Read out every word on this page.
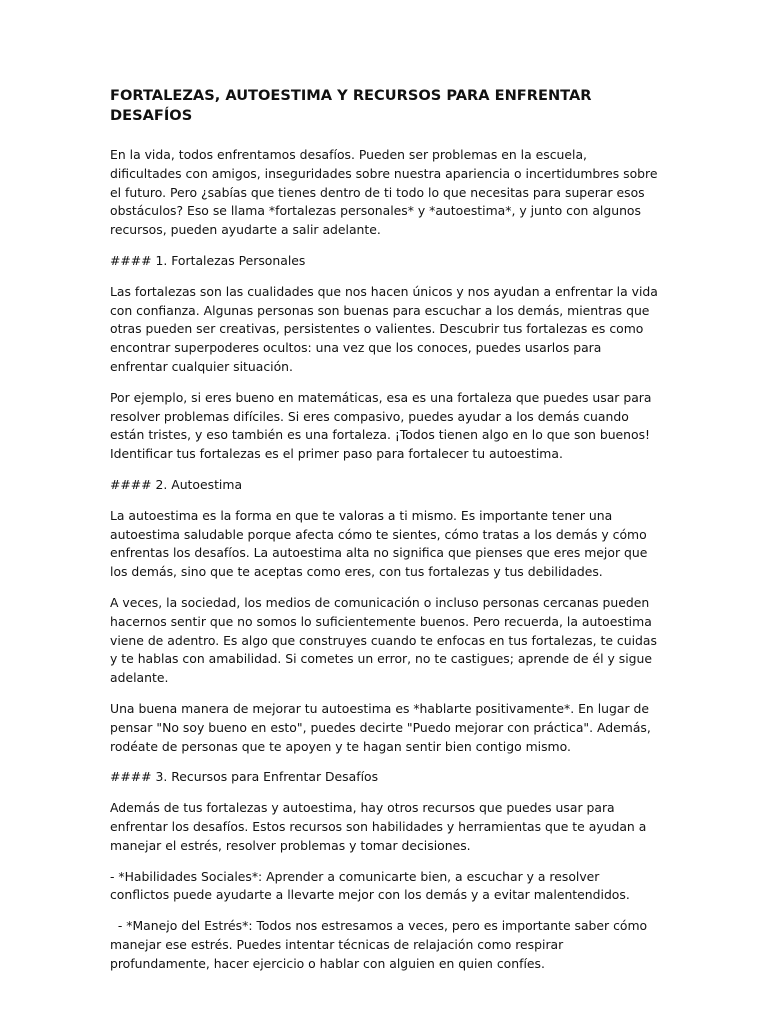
FORTALEZAS, AUTOESTIMA Y RECURSOS PARA ENFRENTAR DESAFÍOS

En la vida, todos enfrentamos desafíos. Pueden ser problemas en la escuela, dificultades con amigos, inseguridades sobre nuestra apariencia o incertidumbres sobre el futuro. Pero ¿sabías que tienes dentro de ti todo lo que necesitas para superar esos obstáculos? Eso se llama *fortalezas personales* y *autoestima*, y junto con algunos recursos, pueden ayudarte a salir adelante.

#### 1. Fortalezas Personales

Las fortalezas son las cualidades que nos hacen únicos y nos ayudan a enfrentar la vida con confianza. Algunas personas son buenas para escuchar a los demás, mientras que otras pueden ser creativas, persistentes o valientes. Descubrir tus fortalezas es como encontrar superpoderes ocultos: una vez que los conoces, puedes usarlos para enfrentar cualquier situación.

Por ejemplo, si eres bueno en matemáticas, esa es una fortaleza que puedes usar para resolver problemas difíciles. Si eres compasivo, puedes ayudar a los demás cuando están tristes, y eso también es una fortaleza. ¡Todos tienen algo en lo que son buenos! Identificar tus fortalezas es el primer paso para fortalecer tu autoestima.

#### 2. Autoestima

La autoestima es la forma en que te valoras a ti mismo. Es importante tener una autoestima saludable porque afecta cómo te sientes, cómo tratas a los demás y cómo enfrentas los desafíos. La autoestima alta no significa que pienses que eres mejor que los demás, sino que te aceptas como eres, con tus fortalezas y tus debilidades.

A veces, la sociedad, los medios de comunicación o incluso personas cercanas pueden hacernos sentir que no somos lo suficientemente buenos. Pero recuerda, la autoestima viene de adentro. Es algo que construyes cuando te enfocas en tus fortalezas, te cuidas y te hablas con amabilidad. Si cometes un error, no te castigues; aprende de él y sigue adelante.

Una buena manera de mejorar tu autoestima es *hablarte positivamente*. En lugar de pensar "No soy bueno en esto", puedes decirte "Puedo mejorar con práctica". Además, rodéate de personas que te apoyen y te hagan sentir bien contigo mismo.

#### 3. Recursos para Enfrentar Desafíos

Además de tus fortalezas y autoestima, hay otros recursos que puedes usar para enfrentar los desafíos. Estos recursos son habilidades y herramientas que te ayudan a manejar el estrés, resolver problemas y tomar decisiones.

- *Habilidades Sociales*: Aprender a comunicarte bien, a escuchar y a resolver conflictos puede ayudarte a llevarte mejor con los demás y a evitar malentendidos.

- *Manejo del Estrés*: Todos nos estresamos a veces, pero es importante saber cómo manejar ese estrés. Puedes intentar técnicas de relajación como respirar profundamente, hacer ejercicio o hablar con alguien en quien confíes.
